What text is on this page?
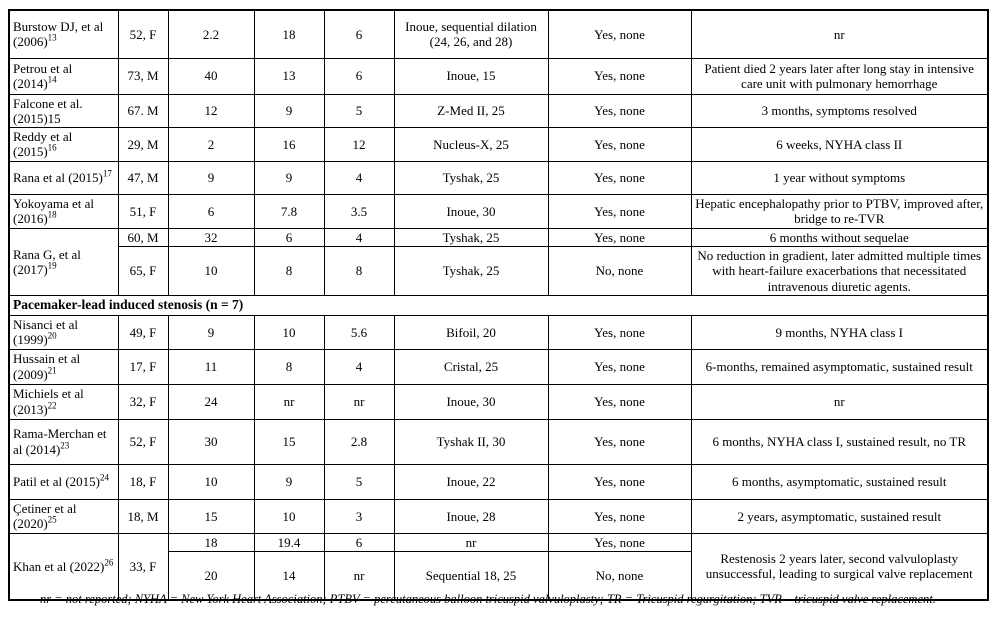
Burstow DJ, et al $(2006)^{13}$	52, F	2.2	18	6	Inoue, sequential dilation (24, 26, and 28)	Yes, none	nr
Petrou et al $(2014)^{14}$	73, M	40	13	6	Inoue, 15	Yes, none	Patient died 2 years later after long stay in intensive care unit with pulmonary hemorrhage
Falcone et al. (2015)15	67. M	12	9	5	Z-Med II, 25	Yes, none	3 months, symptoms resolved
Reddy et al $(2015)^{16}$	29, M	2	16	12	Nucleus-X, 25	Yes, none	6 weeks, NYHA class II
Rana et al $(2015)^{17}$	47, M	9	9	4	Tyshak, 25	Yes, none	1 year without symptoms
Yokoyama et al $(2016)^{18}$	51, F	6	7.8	3.5	Inoue, 30	Yes, none	Hepatic encephalopathy prior to PTBV, improved after, bridge to re-TVR
Rana G, et al $(2017)^{19}$	60, M	32	6	4	Tyshak, 25	Yes, none	6 months without sequelae
	65, F	10	8	8	Tyshak, 25	No, none	No reduction in gradient, later admitted multiple times with heart-failure exacerbations that necessitated intravenous diuretic agents.
Pacemaker-lead induced stenosis (n = 7)							
Nisanci et al $(1999)^{20}$	49, F	9	10	5.6	Bifoil, 20	Yes, none	9 months, NYHA class I
Hussain et al $(2009)^{21}$	17, F	11	8	4	Cristal, 25	Yes, none	6-months, remained asymptomatic, sustained result
Michiels et al $(2013)^{22}$	32, F	24	nr	nr	Inoue, 30	Yes, none	nr
Rama-Merchan et al $(2014)^{23}$	52, F	30	15	2.8	Tyshak II, 30	Yes, none	6 months, NYHA class I, sustained result, no TR
Patil et al $(2015)^{24}$	18, F	10	9	5	Inoue, 22	Yes, none	6 months, asymptomatic, sustained result
Çetiner et al $(2020)^{25}$	18, M	15	10	3	Inoue, 28	Yes, none	2 years, asymptomatic, sustained result
Khan et al $(2022)^{26}$	33, F	18	19.4	6	nr	Yes, none	Restenosis 2 years later, second valvuloplasty unsuccessful, leading to surgical valve replacement
		20	14	nr	Sequential 18, 25	No, none	
nr = not reported; NYHA = New York Heart Association; PTBV = percutaneous balloon tricuspid valvuloplasty; TR = Tricuspid regurgitation; TVR – tricuspid valve replacement.
